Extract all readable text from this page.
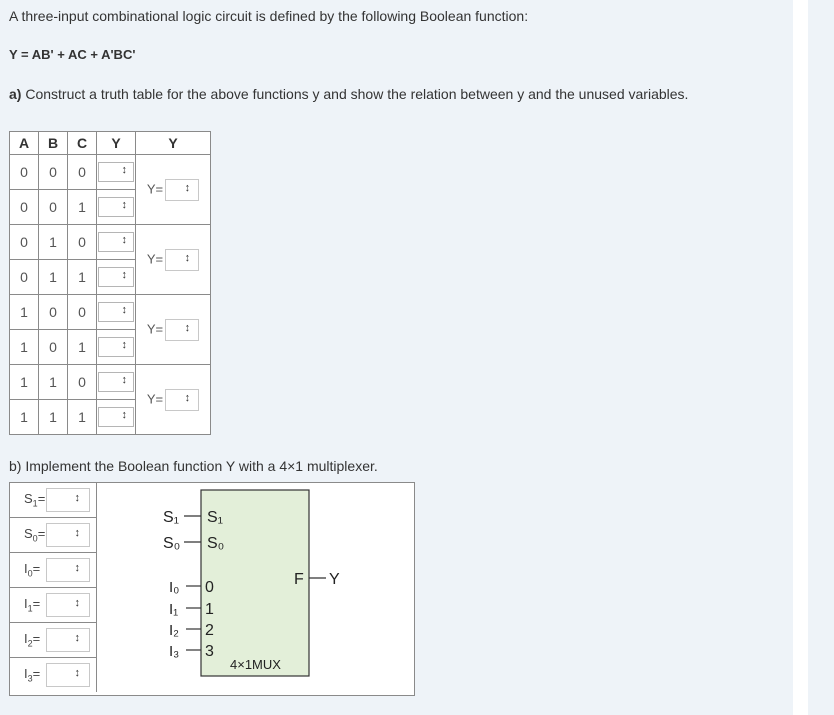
A three-input combinational logic circuit is defined by the following Boolean function:
Y = AB' + AC + A'BC'
a) Construct a truth table for the above functions y and show the relation between y and the unused variables.
A	B	C	Y	Y
0	0	0	↕	Y=↕
0	0	1	↕
0	1	0	↕	Y=↕
0	1	1	↕
1	0	0	↕	Y=↕
1	0	1	↕
1	1	0	↕	Y=↕
1	1	1	↕
b) Implement the Boolean function Y with a 4×1 multiplexer.
$S_1=$
↕
$S_0=$
↕
$I_0=$
↕
$I_1=$
↕
$I_2=$
↕
$I_3=$
↕
S₁
S₀
S₁
S₀
I₀
I₁
I₂
I₃
0
1
2
3
F Y
4×1MUX
